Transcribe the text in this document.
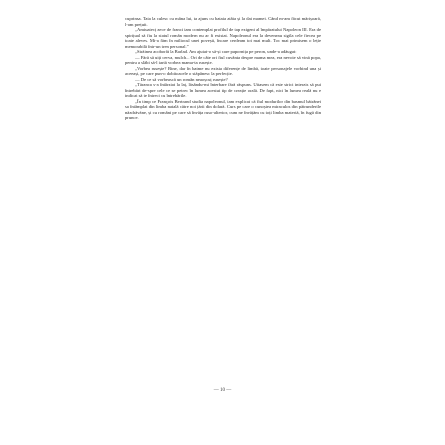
cuprinsa. Tata la culesc cu mâna lui, ta ajuns cu bataia atâta și la dat mamei. Când m-am făcut mărișoară, l-am prețuit.

„Amiuatecț zece de franci iam contemplat profilul de tap exigent al împăratului Napoleon III. Era de spirițual să fiu la statul român modern nu ar fi existat. Napoleonul era la deveneau sigila cele fiecea pe toate aleves. Mi-a făm în miliocul unei povești, încare cerdeam tot mai mult. Toc mai primisem o leție memorabilă într-un tren personal.”

„Străinea acoborât la Barlad. Am ajutat-o să-și care papornița pe peron, unde-a adăugat:

— Fără să uiți cerva, mulch... Ori de câte ori fiul cuvânta despre mama mea, era nevoie să vină popa, pentru a slăbi să-l iartă vorbea mama-ta rusește.

„Vorbea rusește? Bine, dar în batme nu exista diferențe de limbă, toate personajele vorbind una și aceeași, pe care pun-o dobitoacele o stăpânesc la perfecție.

— De ce să vorbească un român neaoșcuț rusește?

„Tăranca s-a întârziat la laț, lăsându-mi înterbare fără răspuns. Uitasem că este strict interzis să pui întrebări de-spre cele ce se petrec în lumea acestui tip de creație orală. De fapt, nici în lumea reală nu e indicat să te întreci cu întrebările.

„În timp ce François Bertrand studia napoleonul, iam explicat că fiul modurilor din basmul bătrânei sa întâmplat din limba natală către noi țării din dolară. Curs pe care o cunoștea miraculos din pătrunderile năzdrăvăne, și cu români pe care să învăța ruso-alterior, cum ne învățăm cu toți limba materiă, în fugă din prunce.

— 10 —
